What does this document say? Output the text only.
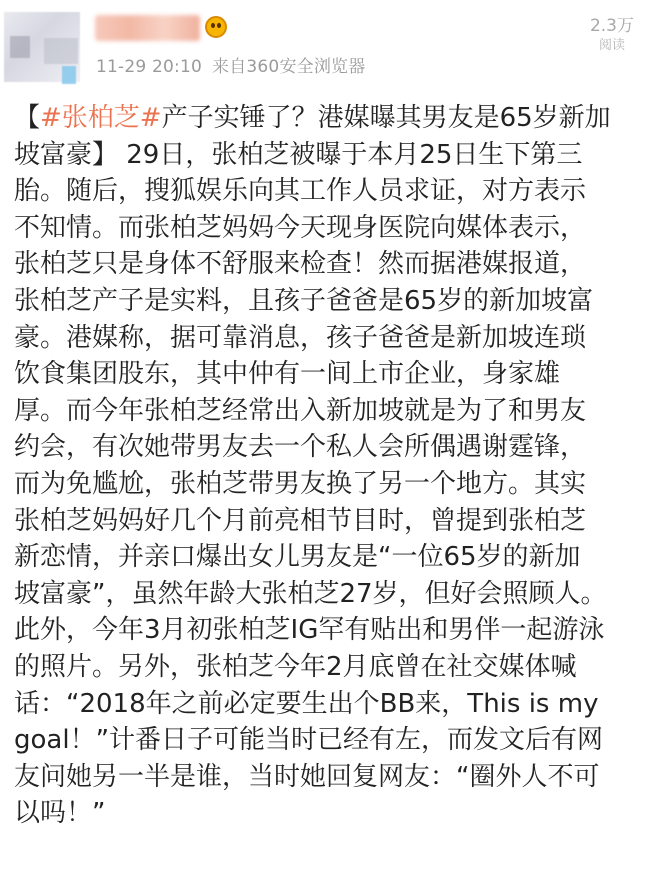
11-29 20:10 来自360安全浏览器
2.3万
阅读
【#张柏芝#产子实锤了？港媒曝其男友是65岁新加
坡富豪】 29日，张柏芝被曝于本月25日生下第三
胎。随后，搜狐娱乐向其工作人员求证，对方表示
不知情。而张柏芝妈妈今天现身医院向媒体表示，
张柏芝只是身体不舒服来检查！然而据港媒报道，
张柏芝产子是实料，且孩子爸爸是65岁的新加坡富
豪。港媒称，据可靠消息，孩子爸爸是新加坡连琐
饮食集团股东，其中仲有一间上市企业，身家雄
厚。而今年张柏芝经常出入新加坡就是为了和男友
约会，有次她带男友去一个私人会所偶遇谢霆锋，
而为免尴尬，张柏芝带男友换了另一个地方。其实
张柏芝妈妈好几个月前亮相节目时，曾提到张柏芝
新恋情，并亲口爆出女儿男友是“一位65岁的新加
坡富豪”，虽然年龄大张柏芝27岁，但好会照顾人。
此外，今年3月初张柏芝IG罕有贴出和男伴一起游泳
的照片。另外，张柏芝今年2月底曾在社交媒体喊
话：“2018年之前必定要生出个BB来，This is my
goal！”计番日子可能当时已经有左，而发文后有网
友问她另一半是谁，当时她回复网友：“圈外人不可
以吗！”
